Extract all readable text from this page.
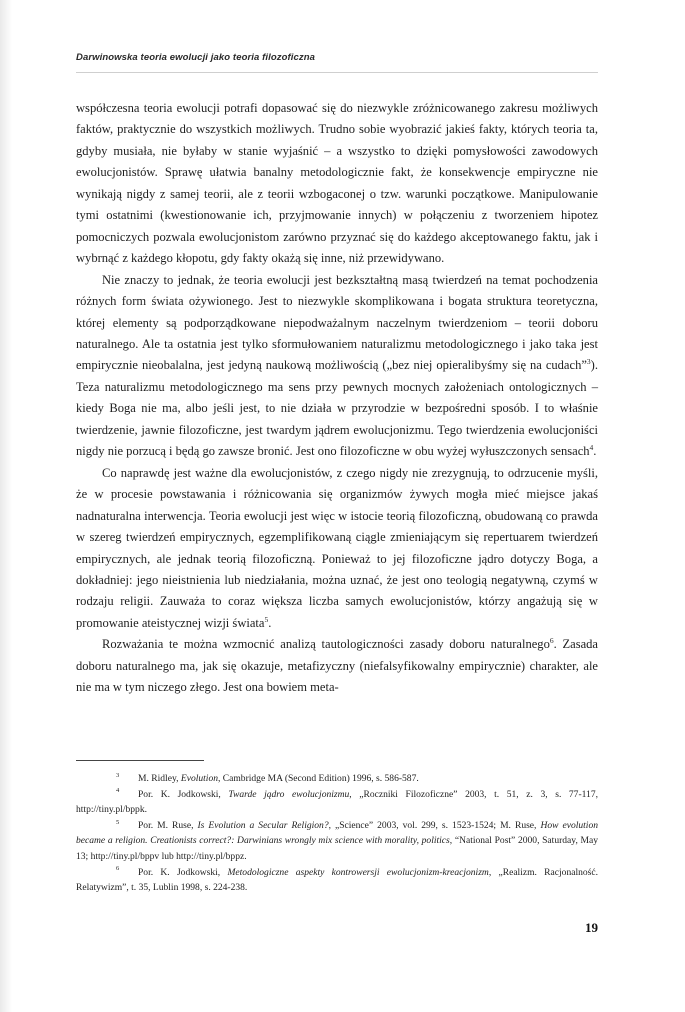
Darwinowska teoria ewolucji jako teoria filozoficzna

współczesna teoria ewolucji potrafi dopasować się do niezwykle zróżnicowanego zakresu możliwych faktów, praktycznie do wszystkich możliwych. Trudno sobie wyobrazić jakieś fakty, których teoria ta, gdyby musiała, nie byłaby w stanie wyjaśnić – a wszystko to dzięki pomysłowości zawodowych ewolucjonistów. Sprawę ułatwia banalny metodologicznie fakt, że konsekwencje empiryczne nie wynikają nigdy z samej teorii, ale z teorii wzbogaconej o tzw. warunki początkowe. Manipulowanie tymi ostatnimi (kwestionowanie ich, przyjmowanie innych) w połączeniu z tworzeniem hipotez pomocniczych pozwala ewolucjonistom zarówno przyznać się do każdego akceptowanego faktu, jak i wybrnąć z każdego kłopotu, gdy fakty okażą się inne, niż przewidywano.

Nie znaczy to jednak, że teoria ewolucji jest bezkształtną masą twierdzeń na temat pochodzenia różnych form świata ożywionego. Jest to niezwykle skomplikowana i bogata struktura teoretyczna, której elementy są podporządkowane niepodważalnym naczelnym twierdzeniom – teorii doboru naturalnego. Ale ta ostatnia jest tylko sformułowaniem naturalizmu metodologicznego i jako taka jest empirycznie nieobalalna, jest jedyną naukową możliwością („bez niej opieralibyśmy się na cudach”$^3$). Teza naturalizmu metodologicznego ma sens przy pewnych mocnych założeniach ontologicznych – kiedy Boga nie ma, albo jeśli jest, to nie działa w przyrodzie w bezpośredni sposób. I to właśnie twierdzenie, jawnie filozoficzne, jest twardym jądrem ewolucjonizmu. Tego twierdzenia ewolucjoniści nigdy nie porzucą i będą go zawsze bronić. Jest ono filozoficzne w obu wyżej wyłuszczonych sensach$^4$.

Co naprawdę jest ważne dla ewolucjonistów, z czego nigdy nie zrezygnują, to odrzucenie myśli, że w procesie powstawania i różnicowania się organizmów żywych mogła mieć miejsce jakaś nadnaturalna interwencja. Teoria ewolucji jest więc w istocie teorią filozoficzną, obudowaną co prawda w szereg twierdzeń empirycznych, egzemplifikowaną ciągle zmieniającym się repertuarem twierdzeń empirycznych, ale jednak teorią filozoficzną. Ponieważ to jej filozoficzne jądro dotyczy Boga, a dokładniej: jego nieistnienia lub niedziałania, można uznać, że jest ono teologią negatywną, czymś w rodzaju religii. Zauważa to coraz większa liczba samych ewolucjonistów, którzy angażują się w promowanie ateistycznej wizji świata$^5$.

Rozważania te można wzmocnić analizą tautologiczności zasady doboru naturalnego$^6$. Zasada doboru naturalnego ma, jak się okazuje, metafizyczny (niefalsyfikowalny empirycznie) charakter, ale nie ma w tym niczego złego. Jest ona bowiem meta-

3 M. Ridley, Evolution, Cambridge MA (Second Edition) 1996, s. 586-587.

4 Por. K. Jodkowski, Twarde jądro ewolucjonizmu, „Roczniki Filozoficzne” 2003, t. 51, z. 3, s. 77-117, http://tiny.pl/bppk.

5 Por. M. Ruse, Is Evolution a Secular Religion?, „Science” 2003, vol. 299, s. 1523-1524; M. Ruse, How evolution became a religion. Creationists correct?: Darwinians wrongly mix science with morality, politics, “National Post” 2000, Saturday, May 13; http://tiny.pl/bppv lub http://tiny.pl/bppz.

6 Por. K. Jodkowski, Metodologiczne aspekty kontrowersji ewolucjonizm-kreacjonizm, „Realizm. Racjonalność. Relatywizm”, t. 35, Lublin 1998, s. 224-238.

19
